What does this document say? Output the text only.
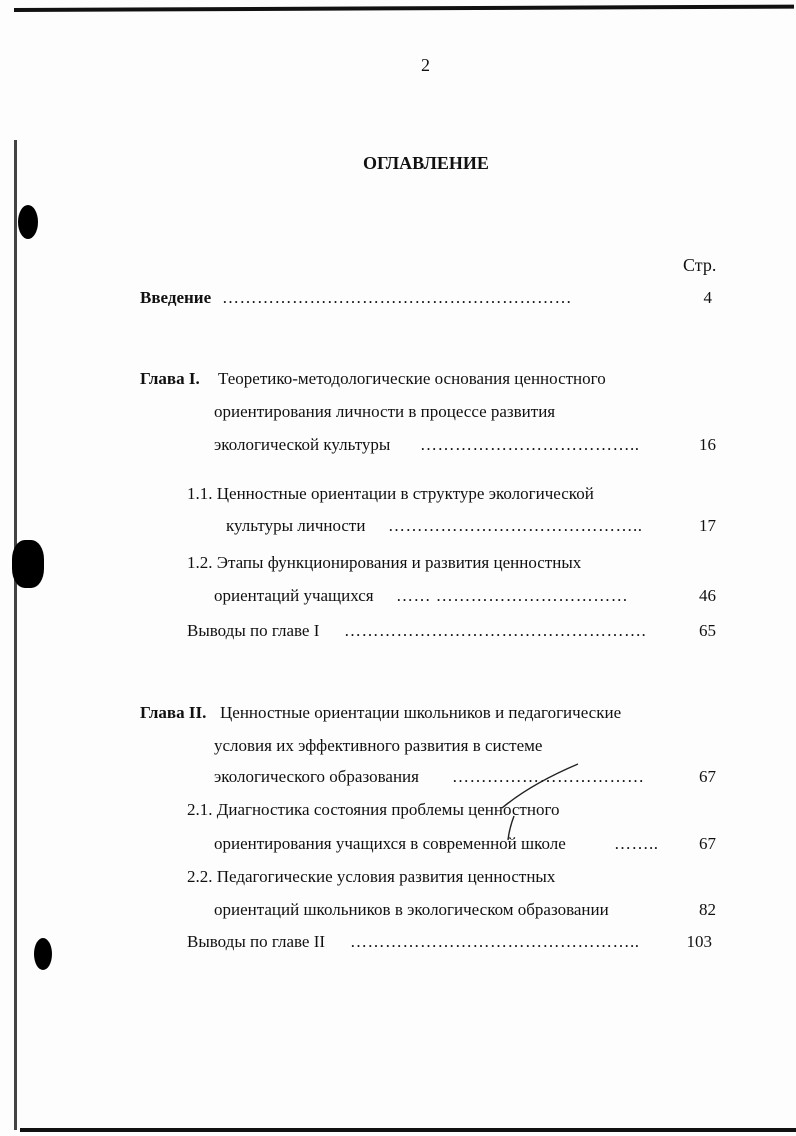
2
ОГЛАВЛЕНИЕ
Стр.
Введение ……………………………………………………	4
Глава I. Теоретико-методологические основания ценностного
ориентирования личности в процессе развития
экологической культуры ………………………………..	16
1.1. Ценностные ориентации в структуре экологической
культуры личности ……………………………………..	17
1.2. Этапы функционирования и развития ценностных
ориентаций учащихся …… ……………………………	46
Выводы по главе I …………………………………………….	65
Глава II. Ценностные ориентации школьников и педагогические
условия их эффективного развития в системе
экологического образования ……………………………	67
2.1. Диагностика состояния проблемы ценностного
ориентирования учащихся в современной школе	……..	67
2.2. Педагогические условия развития ценностных
ориентаций школьников в экологическом образовании	82
Выводы по главе II …………………………………………..	103
